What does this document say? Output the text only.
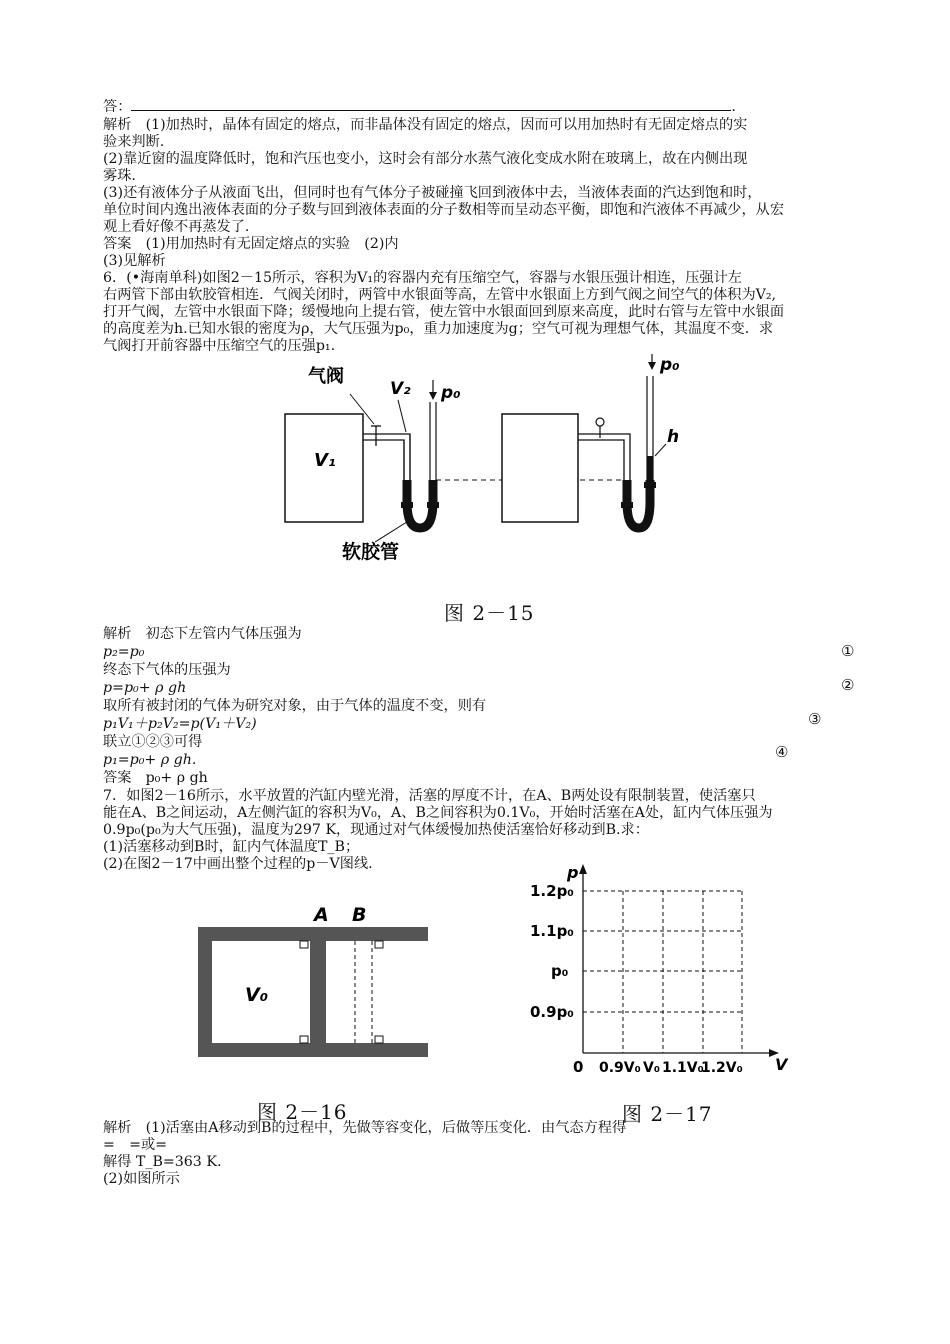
答：	.
解析　(1)加热时，晶体有固定的熔点，而非晶体没有固定的熔点，因而可以用加热时有无固定熔点的实
验来判断.
(2)靠近窗的温度降低时，饱和汽压也变小，这时会有部分水蒸气液化变成水附在玻璃上，故在内侧出现
雾珠.
(3)还有液体分子从液面飞出，但同时也有气体分子被碰撞飞回到液体中去，当液体表面的汽达到饱和时，
单位时间内逸出液体表面的分子数与回到液体表面的分子数相等而呈动态平衡，即饱和汽液体不再减少，从宏
观上看好像不再蒸发了.
答案　(1)用加热时有无固定熔点的实验　(2)内
(3)见解析
6．(•海南单科)如图2－15所示，容积为V₁的容器内充有压缩空气，容器与水银压强计相连，压强计左
右两管下部由软胶管相连．气阀关闭时，两管中水银面等高，左管中水银面上方到气阀之间空气的体积为V₂,
打开气阀，左管中水银面下降；缓慢地向上提右管，使左管中水银面回到原来高度，此时右管与左管中水银面
的高度差为h.已知水银的密度为ρ，大气压强为p₀，重力加速度为g；空气可视为理想气体，其温度不变．求
气阀打开前容器中压缩空气的压强p₁.
V₁
气阀
V₂ p₀
软胶管
p₀
h
图 2－15
解析　初态下左管内气体压强为
p₂=p₀
终态下气体的压强为
p=p₀+ ρ gh
取所有被封闭的气体为研究对象，由于气体的温度不变，则有
p₁V₁＋p₂V₂=p(V₁＋V₂)
联立①②③可得
p₁=p₀+ ρ gh.
答案　p₀+ ρ gh
①
②
③
④
7．如图2－16所示，水平放置的汽缸内壁光滑，活塞的厚度不计，在A、B两处设有限制装置，使活塞只
能在A、B之间运动，A左侧汽缸的容积为V₀，A、B之间容积为0.1V₀，开始时活塞在A处，缸内气体压强为
0.9p₀(p₀为大气压强)，温度为297 K，现通过对气体缓慢加热使活塞恰好移动到B.求：
(1)活塞移动到B时，缸内气体温度T_B；
(2)在图2－17中画出整个过程的p－V图线.
A B
V₀
图 2－16
p
V
0
1.2p₀
1.1p₀
p₀
0.9p₀
0.9V₀ V₀ 1.1V₀
1.2V₀
图 2－17
解析　(1)活塞由A移动到B的过程中，先做等容变化，后做等压变化．由气态方程得
=　=或=
解得 T_B=363 K.
(2)如图所示
